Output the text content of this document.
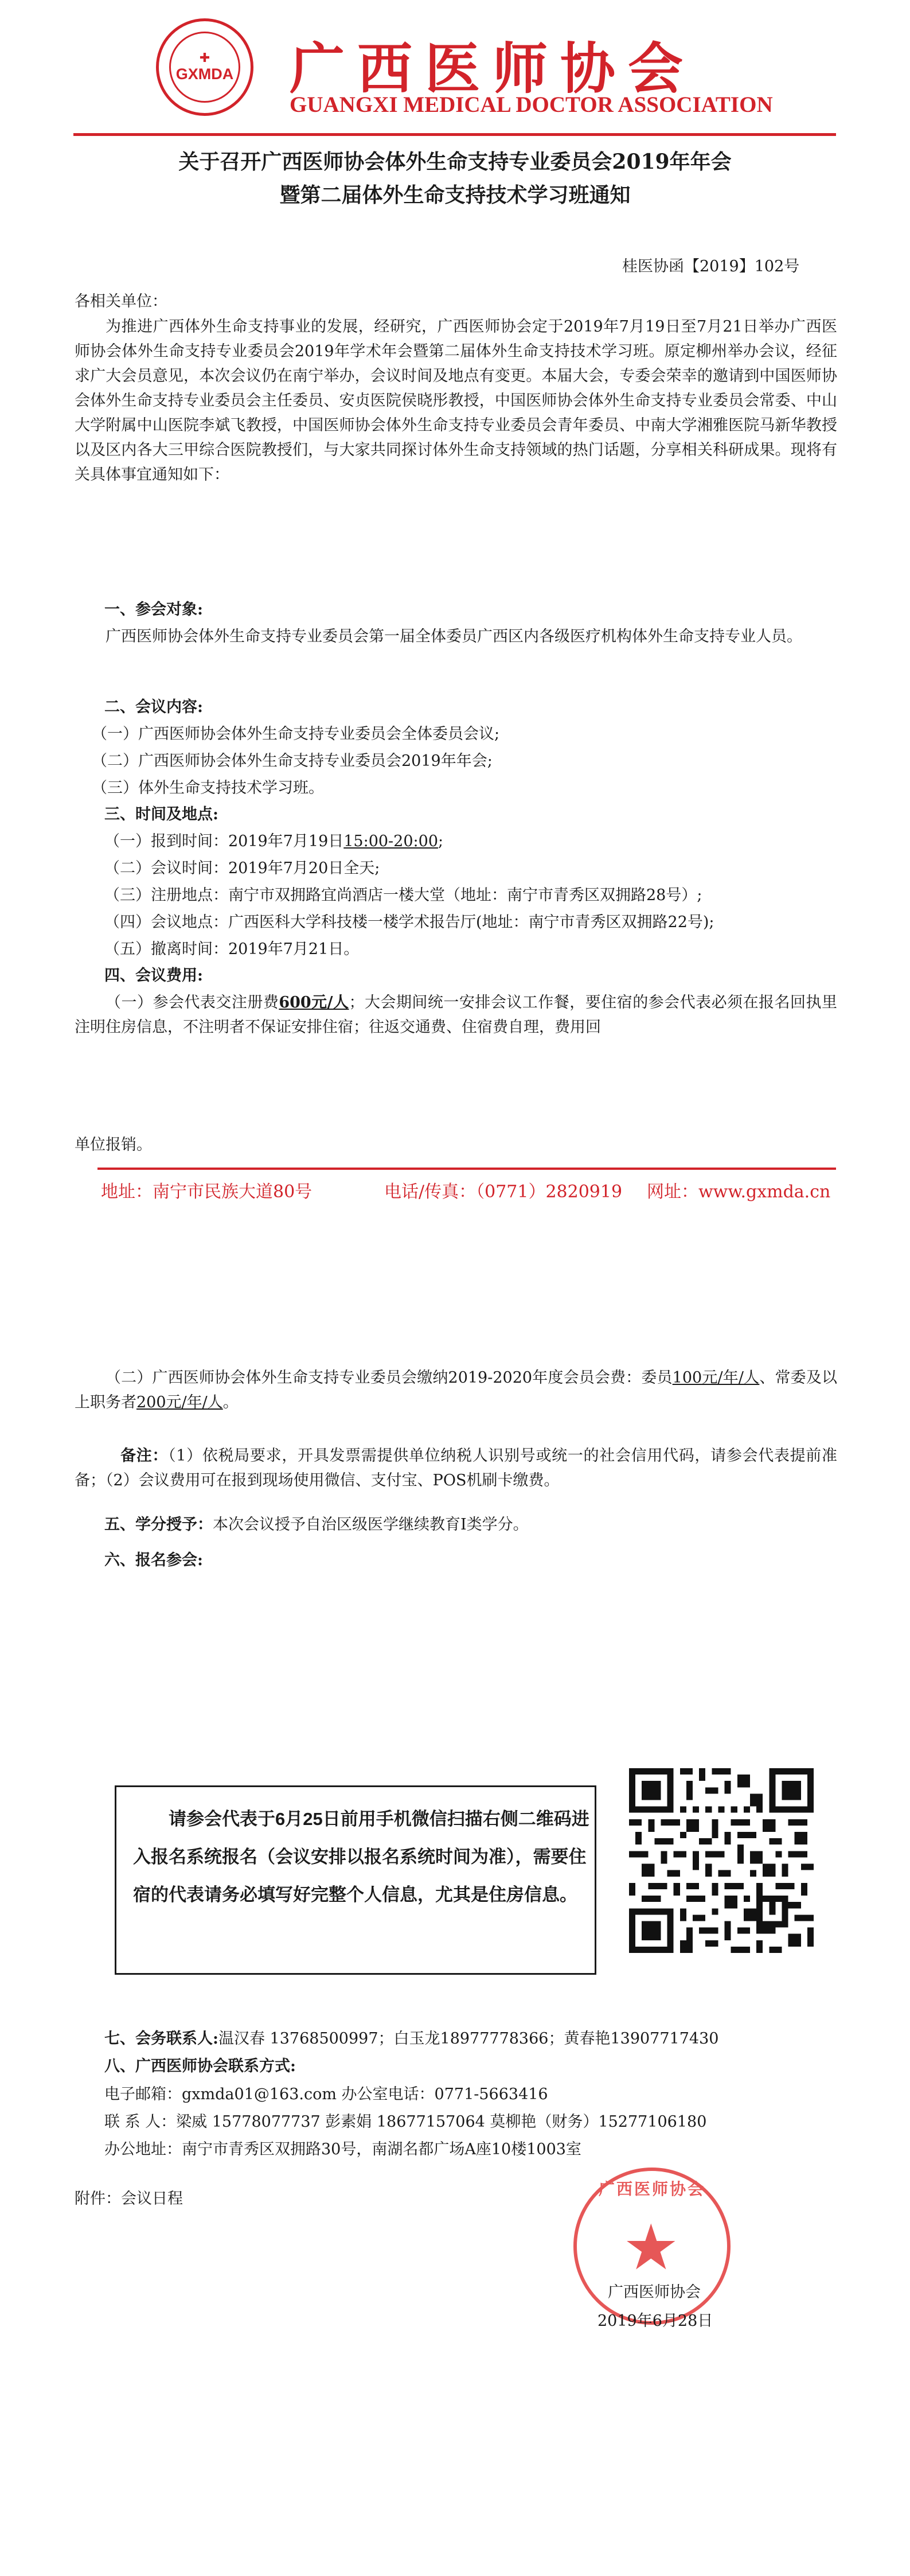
✚
GXMDA 广西医师协会
GUANGXI MEDICAL DOCTOR ASSOCIATION
关于召开广西医师协会体外生命支持专业委员会2019年年会
暨第二届体外生命支持技术学习班通知
桂医协函【2019】102号
各相关单位：
为推进广西体外生命支持事业的发展，经研究，广西医师协会定于2019年7月19日至7月21日举办广西医师协会体外生命支持专业委员会2019年学术年会暨第二届体外生命支持技术学习班。原定柳州举办会议，经征求广大会员意见，本次会议仍在南宁举办，会议时间及地点有变更。本届大会，专委会荣幸的邀请到中国医师协会体外生命支持专业委员会主任委员、安贞医院侯晓彤教授，中国医师协会体外生命支持专业委员会常委、中山大学附属中山医院李斌飞教授，中国医师协会体外生命支持专业委员会青年委员、中南大学湘雅医院马新华教授以及区内各大三甲综合医院教授们，与大家共同探讨体外生命支持领域的热门话题，分享相关科研成果。现将有关具体事宜通知如下：
一、参会对象:
广西医师协会体外生命支持专业委员会第一届全体委员广西区内各级医疗机构体外生命支持专业人员。
二、会议内容:
（一）广西医师协会体外生命支持专业委员会全体委员会议;
（二）广西医师协会体外生命支持专业委员会2019年年会;
（三）体外生命支持技术学习班。
三、时间及地点:
（一）报到时间：2019年7月19日15:00-20:00;
（二）会议时间：2019年7月20日全天;
（三）注册地点：南宁市双拥路宜尚酒店一楼大堂（地址：南宁市青秀区双拥路28号）;
（四）会议地点：广西医科大学科技楼一楼学术报告厅(地址：南宁市青秀区双拥路22号);
（五）撤离时间：2019年7月21日。
四、会议费用:
（一）参会代表交注册费600元/人；大会期间统一安排会议工作餐，要住宿的参会代表必须在报名回执里注明住房信息，不注明者不保证安排住宿；往返交通费、住宿费自理，费用回
单位报销。
地址：南宁市民族大道80号	电话/传真：（0771）2820919 网址：www.gxmda.cn
（二）广西医师协会体外生命支持专业委员会缴纳2019-2020年度会员会费：委员100元/年/人、常委及以上职务者200元/年/人。
备注：（1）依税局要求，开具发票需提供单位纳税人识别号或统一的社会信用代码，请参会代表提前准备；（2）会议费用可在报到现场使用微信、支付宝、POS机刷卡缴费。
五、学分授予：本次会议授予自治区级医学继续教育Ⅰ类学分。
六、报名参会:
请参会代表于6月25日前用手机微信扫描右侧二维码进入报名系统报名（会议安排以报名系统时间为准），需要住宿的代表请务必填写好完整个人信息，尤其是住房信息。
七、会务联系人:温汉春 13768500997；白玉龙18977778366；黄春艳13907717430
八、广西医师协会联系方式:
电子邮箱：gxmda01@163.com 办公室电话：0771-5663416
联 系 人：梁威 15778077737 彭素娟 18677157064 莫柳艳（财务）15277106180
办公地址：南宁市青秀区双拥路30号，南湖名都广场A座10楼1003室
附件：会议日程
广西医师协会
★
广西医师协会
2019年6月28日
